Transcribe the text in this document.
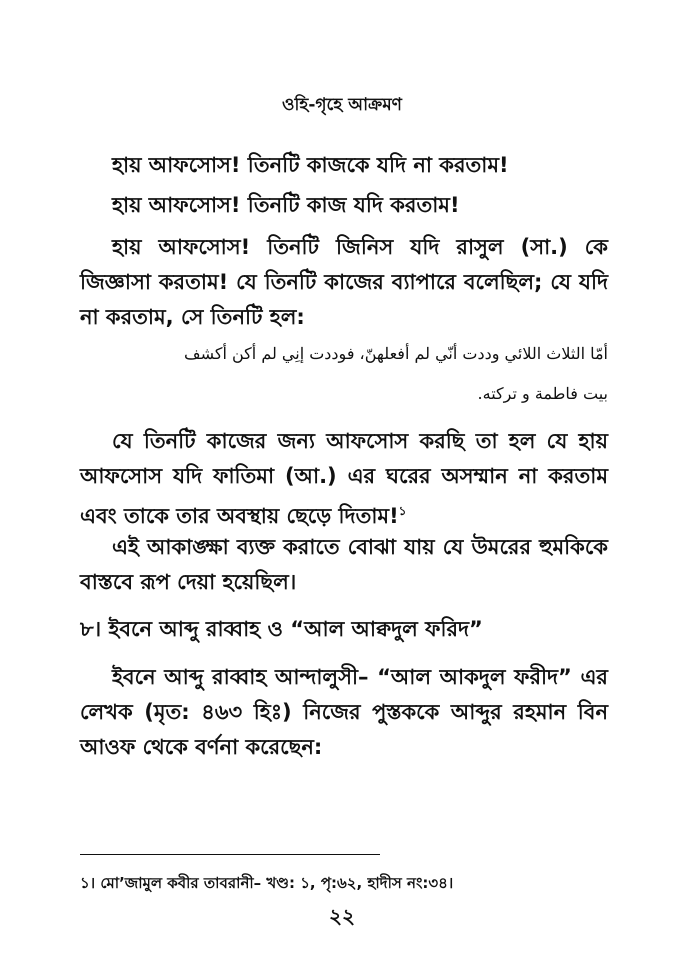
ওহি-গৃহে আক্রমণ

হায় আফসোস! তিনটি কাজকে যদি না করতাম!

হায় আফসোস! তিনটি কাজ যদি করতাম!

হায় আফসোস! তিনটি জিনিস যদি রাসুল (সা.) কে জিজ্ঞাসা করতাম! যে তিনটি কাজের ব্যাপারে বলেছিল; যে যদি না করতাম, সে তিনটি হল:

أمّا الثلاث اللائي وددت أنّي لم أفعلهنّ، فوددت إنِي لم أكن أكشف

بيت فاطمة و تركته.

যে তিনটি কাজের জন্য আফসোস করছি তা হল যে হায় আফসোস যদি ফাতিমা (আ.) এর ঘরের অসম্মান না করতাম এবং তাকে তার অবস্থায় ছেড়ে দিতাম!$^১$

এই আকাঙ্ক্ষা ব্যক্ত করাতে বোঝা যায় যে উমরের হুমকিকে বাস্তবে রূপ দেয়া হয়েছিল।

৮। ইবনে আব্দু রাব্বাহ ও “আল আক্বদুল ফরিদ”

ইবনে আব্দু রাব্বাহ আন্দালুসী– “আল আকদুল ফরীদ” এর লেখক (মৃত: ৪৬৩ হিঃ) নিজের পুস্তককে আব্দুর রহমান বিন আওফ থেকে বর্ণনা করেছেন:

১। মো’জামুল কবীর তাবরানী– খণ্ড: ১, পৃ:৬২, হাদীস নং:৩৪।

২২
